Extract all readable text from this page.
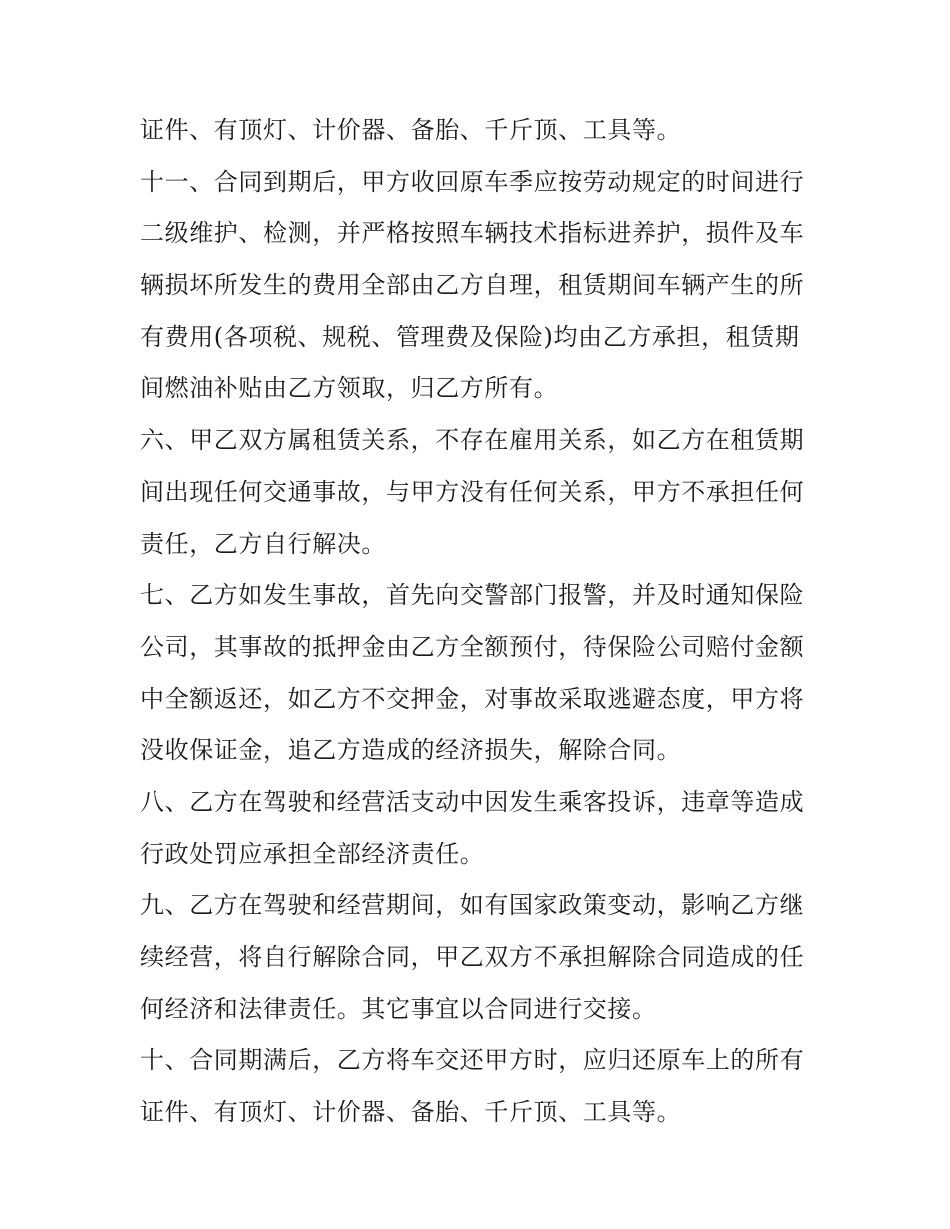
证件、有顶灯、计价器、备胎、千斤顶、工具等。

十一、合同到期后，甲方收回原车季应按劳动规定的时间进行
二级维护、检测，并严格按照车辆技术指标进养护，损件及车
辆损坏所发生的费用全部由乙方自理，租赁期间车辆产生的所
有费用(各项税、规税、管理费及保险)均由乙方承担，租赁期
间燃油补贴由乙方领取，归乙方所有。

六、甲乙双方属租赁关系，不存在雇用关系，如乙方在租赁期
间出现任何交通事故，与甲方没有任何关系，甲方不承担任何
责任，乙方自行解决。

七、乙方如发生事故，首先向交警部门报警，并及时通知保险
公司，其事故的抵押金由乙方全额预付，待保险公司赔付金额
中全额返还，如乙方不交押金，对事故采取逃避态度，甲方将
没收保证金，追乙方造成的经济损失，解除合同。

八、乙方在驾驶和经营活支动中因发生乘客投诉，违章等造成
行政处罚应承担全部经济责任。

九、乙方在驾驶和经营期间，如有国家政策变动，影响乙方继
续经营，将自行解除合同，甲乙双方不承担解除合同造成的任
何经济和法律责任。其它事宜以合同进行交接。

十、合同期满后，乙方将车交还甲方时，应归还原车上的所有
证件、有顶灯、计价器、备胎、千斤顶、工具等。
